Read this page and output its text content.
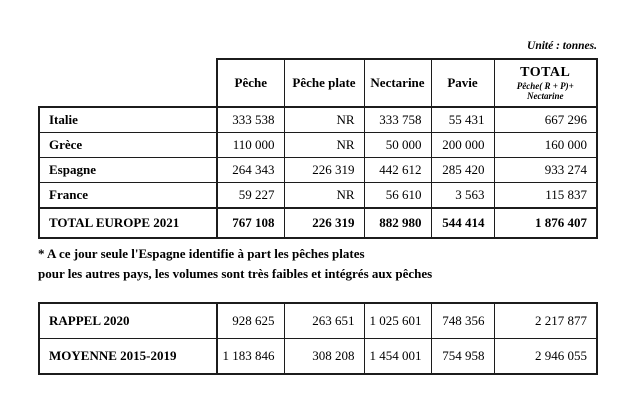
Unité : tonnes.
	Pêche	Pêche plate	Nectarine	Pavie	TOTAL
Pêche( R + P)+
Nectarine

Italie	333 538	NR	333 758	55 431	667 296
Grèce	110 000	NR	50 000	200 000	160 000
Espagne	264 343	226 319	442 612	285 420	933 274
France	59 227	NR	56 610	3 563	115 837
TOTAL EUROPE 2021	767 108	226 319	882 980	544 414	1 876 407
* A ce jour seule l'Espagne identifie à part les pêches plates
pour les autres pays, les volumes sont très faibles et intégrés aux pêches
RAPPEL 2020	928 625	263 651	1 025 601	748 356	2 217 877
MOYENNE 2015-2019	1 183 846	308 208	1 454 001	754 958	2 946 055
